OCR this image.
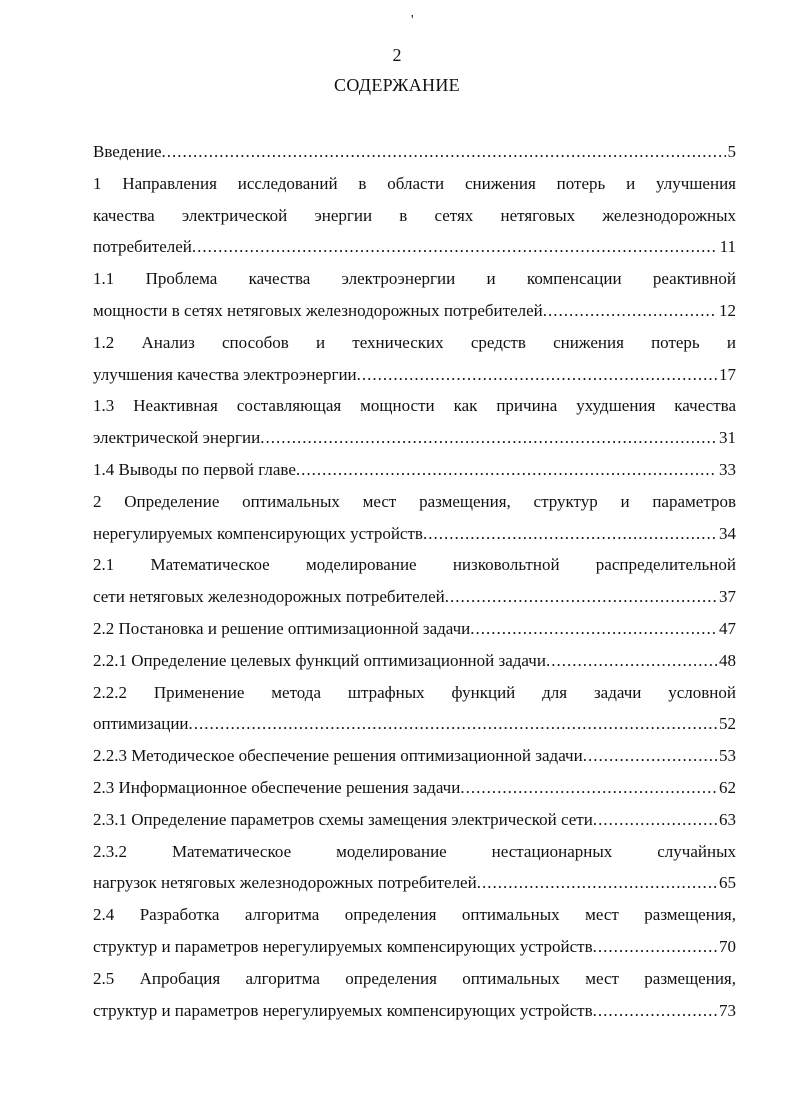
'
2
СОДЕРЖАНИЕ
Введение .....	5
1 Направления исследований в области снижения потерь и улучшения
качества электрической энергии в сетях нетяговых железнодорожных
потребителей .....	11
1.1 Проблема качества электроэнергии и компенсации реактивной
мощности в сетях нетяговых железнодорожных потребителей .....	12
1.2 Анализ способов и технических средств снижения потерь и
улучшения качества электроэнергии .....	17
1.3 Неактивная составляющая мощности как причина ухудшения качества
электрической энергии .....	31
1.4 Выводы по первой главе .....	33
2 Определение оптимальных мест размещения, структур и параметров
нерегулируемых компенсирующих устройств .....	34
2.1 Математическое моделирование низковольтной распределительной
сети нетяговых железнодорожных потребителей .....	37
2.2 Постановка и решение оптимизационной задачи .....	47
2.2.1 Определение целевых функций оптимизационной задачи .....	48
2.2.2 Применение метода штрафных функций для задачи условной
оптимизации .....	52
2.2.3 Методическое обеспечение решения оптимизационной задачи .....	53
2.3 Информационное обеспечение решения задачи .....	62
2.3.1 Определение параметров схемы замещения электрической сети .....	63
2.3.2 Математическое моделирование нестационарных случайных
нагрузок нетяговых железнодорожных потребителей .....	65
2.4 Разработка алгоритма определения оптимальных мест размещения,
структур и параметров нерегулируемых компенсирующих устройств .....	70
2.5 Апробация алгоритма определения оптимальных мест размещения,
структур и параметров нерегулируемых компенсирующих устройств .....	73
